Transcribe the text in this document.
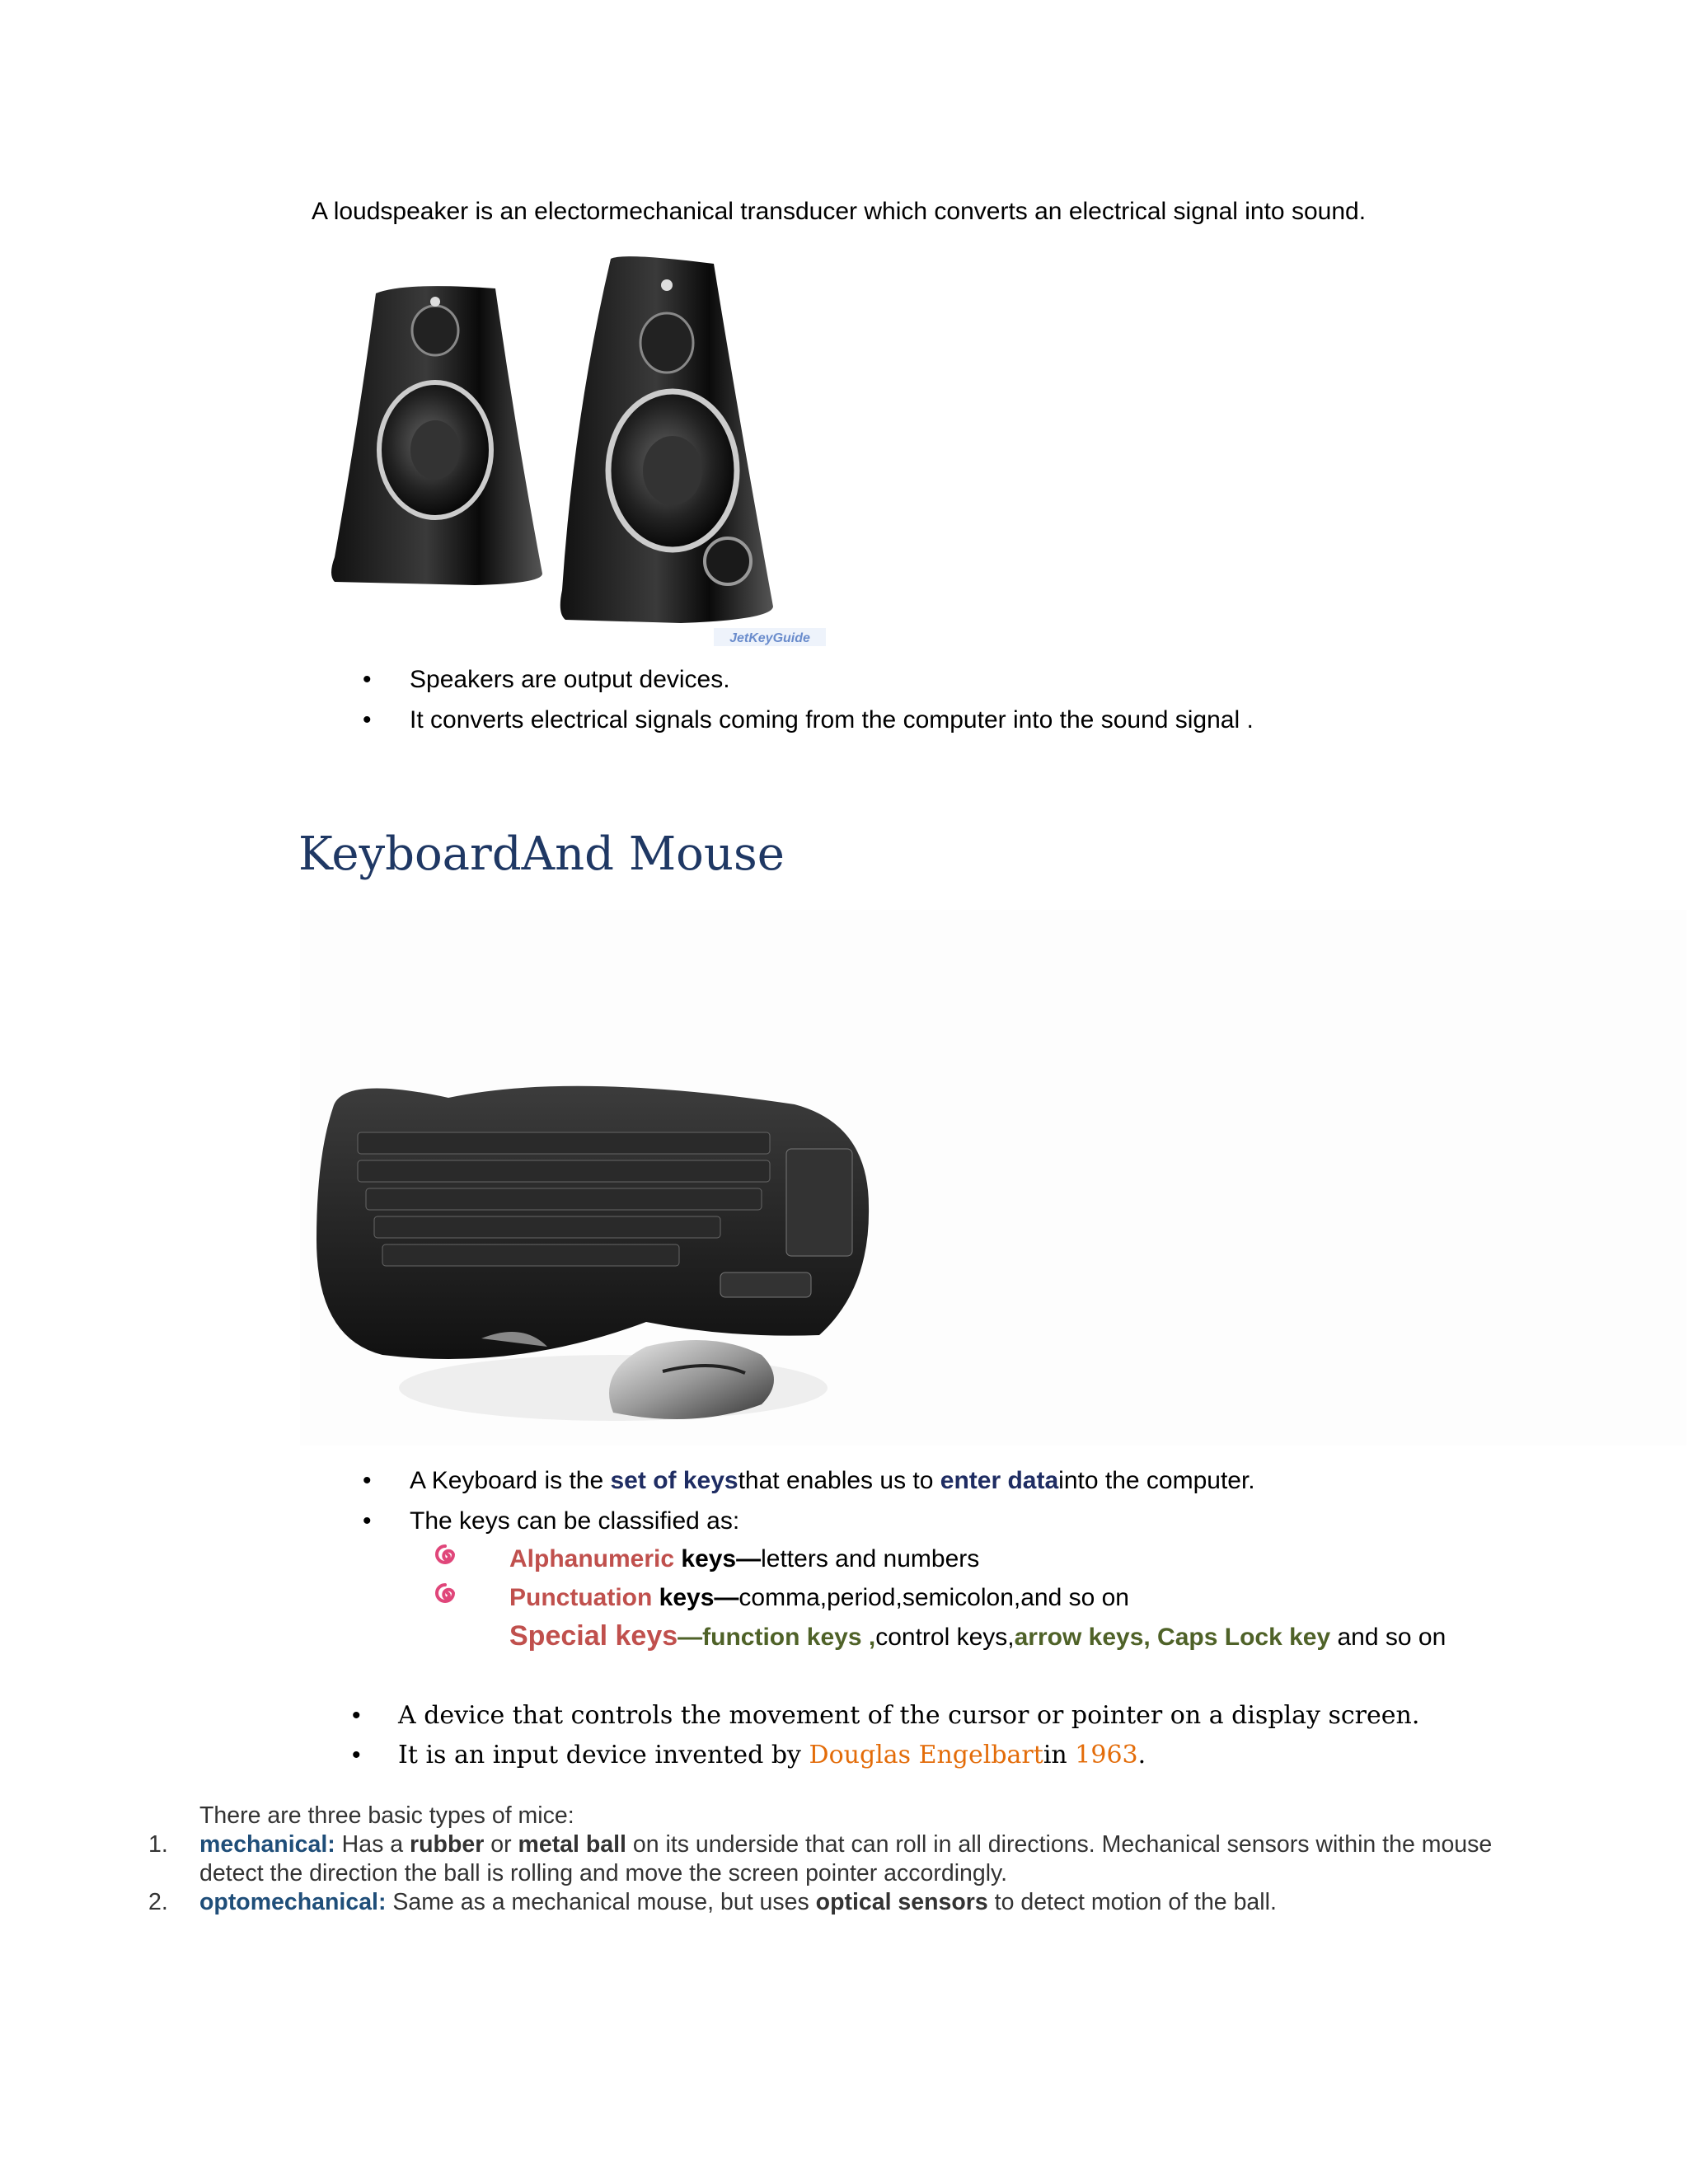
A loudspeaker is an electormechanical transducer which converts an electrical signal into sound.
JetKeyGuide
• Speakers are output devices.
• It converts electrical signals coming from the computer into the sound signal .
KeyboardAnd Mouse
• A Keyboard is the set of keysthat enables us to enter datainto the computer.
• The keys can be classified as:
Alphanumeric keys—letters and numbers
Punctuation keys—comma,period,semicolon,and so on
Special keys—function keys ,control keys,arrow keys, Caps Lock key and so on
• A device that controls the movement of the cursor or pointer on a display screen.
• It is an input device invented by Douglas Engelbartin 1963.
There are three basic types of mice:
1. mechanical: Has a rubber or metal ball on its underside that can roll in all directions. Mechanical sensors within the mouse detect the direction the ball is rolling and move the screen pointer accordingly.
2. optomechanical: Same as a mechanical mouse, but uses optical sensors to detect motion of the ball.
